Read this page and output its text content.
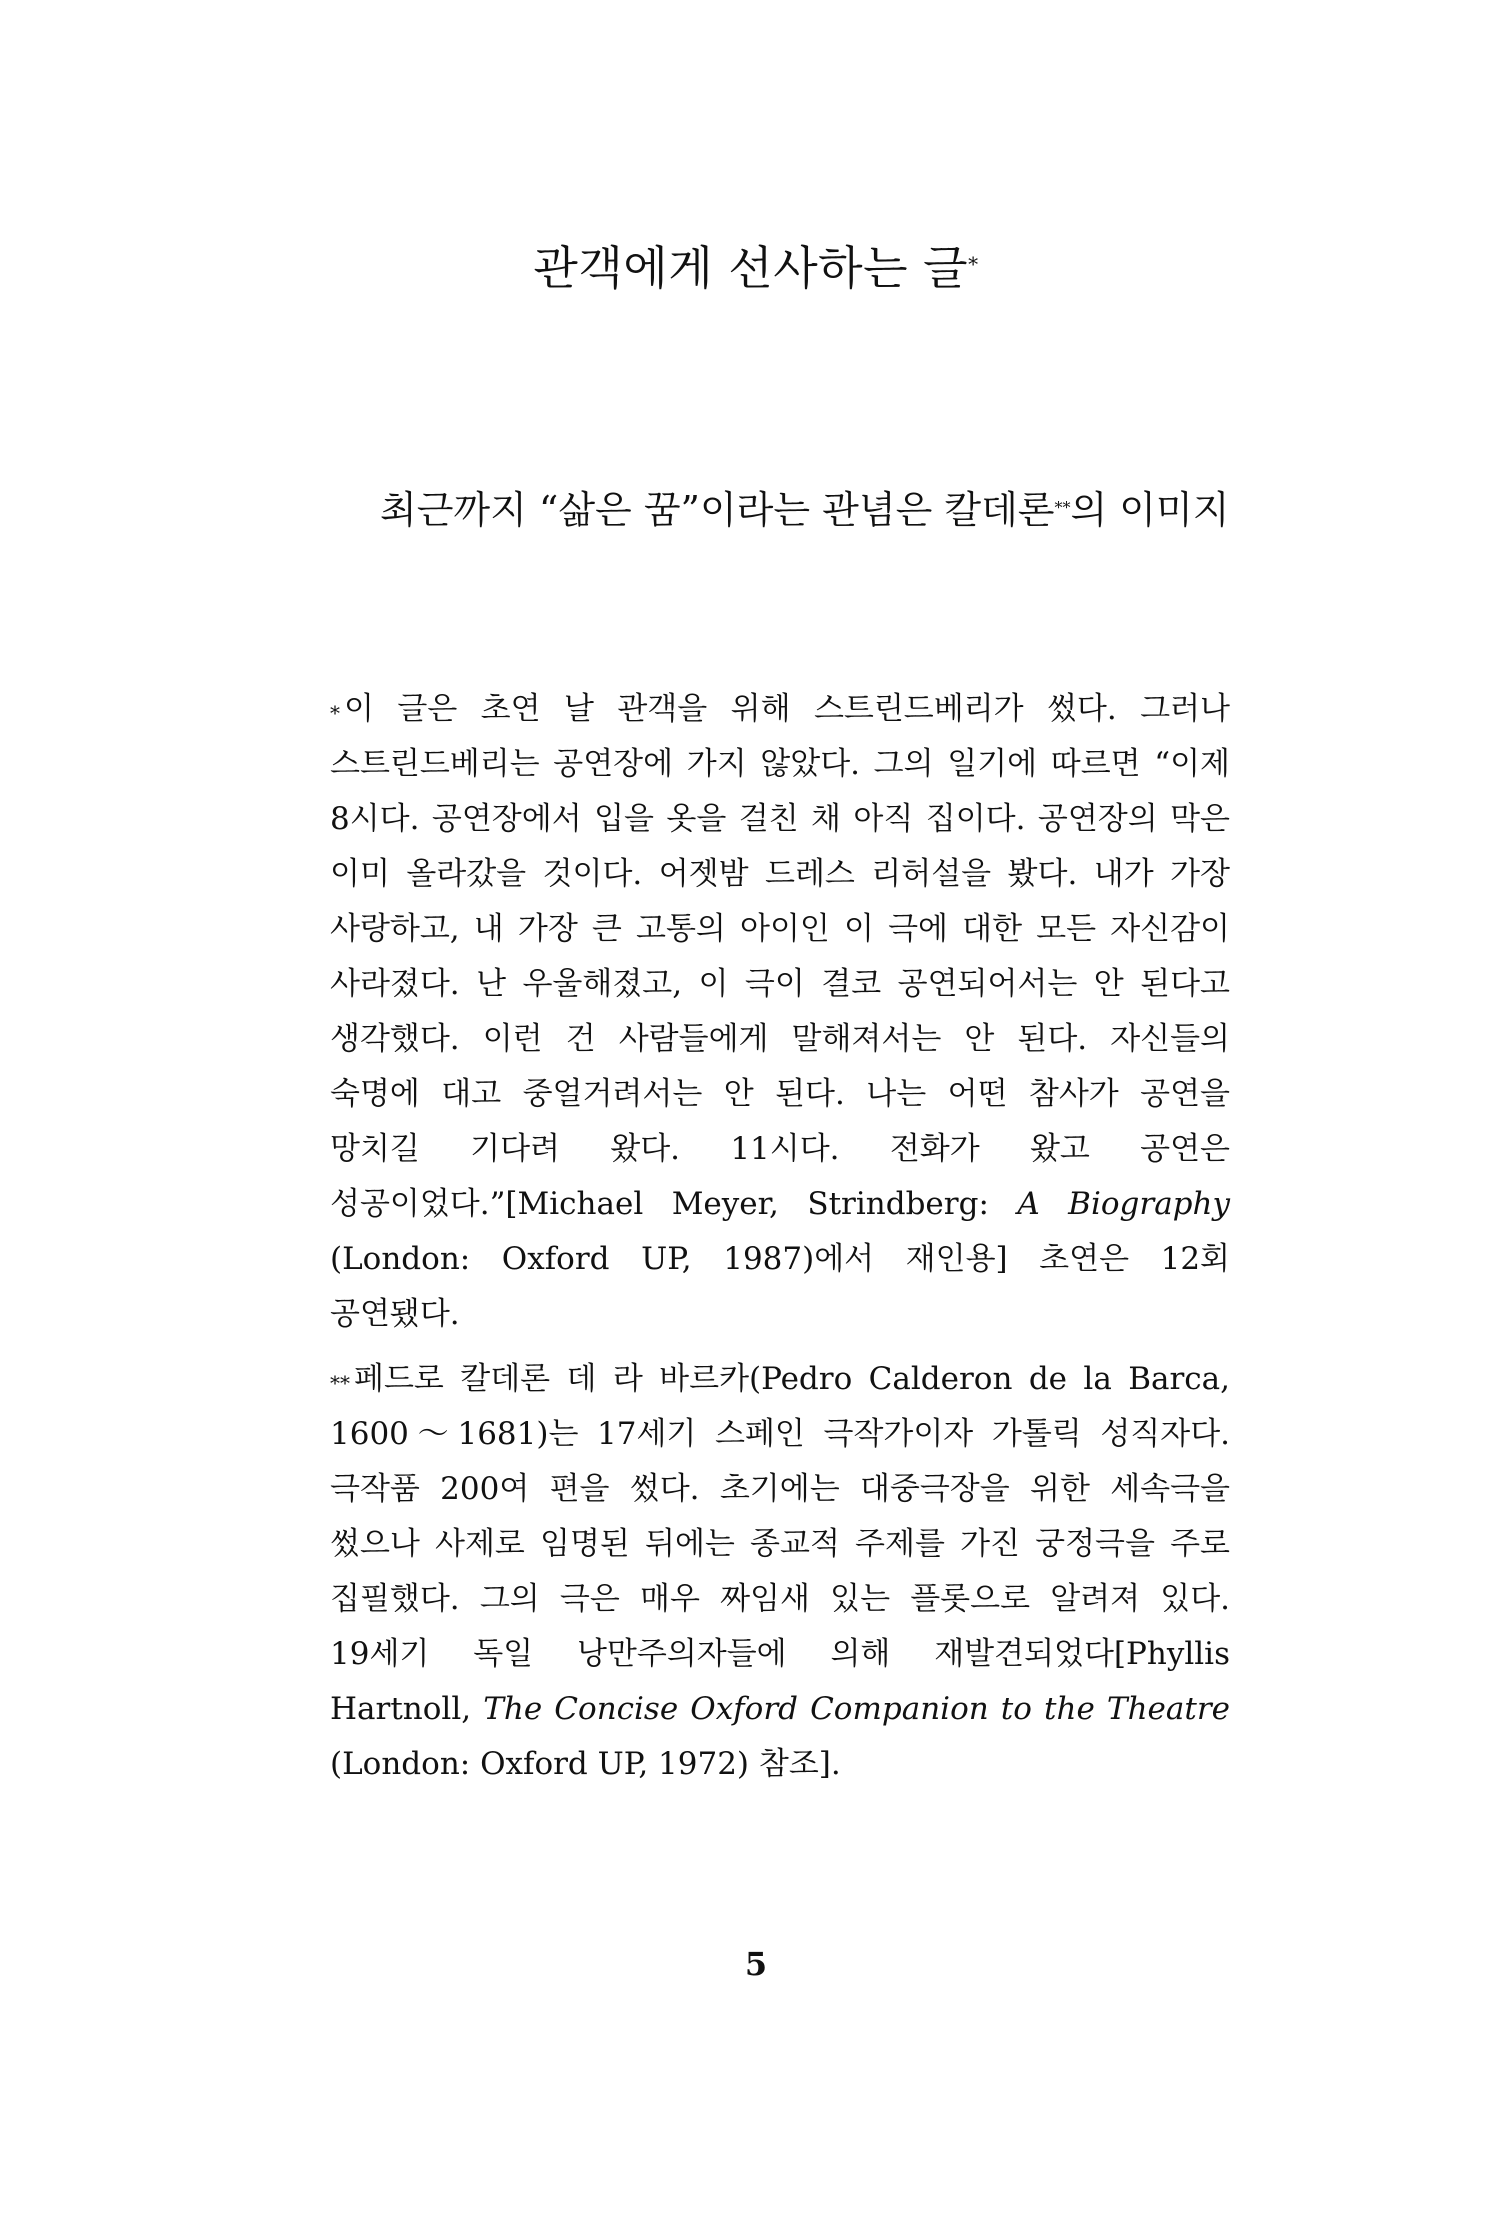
관객에게 선사하는 글*

최근까지 “삶은 꿈”이라는 관념은 칼데론**의 이미지

* 이 글은 초연 날 관객을 위해 스트린드베리가 썼다. 그러나 스트린드베리는 공연장에 가지 않았다. 그의 일기에 따르면 “이제 8시다. 공연장에서 입을 옷을 걸친 채 아직 집이다. 공연장의 막은 이미 올라갔을 것이다. 어젯밤 드레스 리허설을 봤다. 내가 가장 사랑하고, 내 가장 큰 고통의 아이인 이 극에 대한 모든 자신감이 사라졌다. 난 우울해졌고, 이 극이 결코 공연되어서는 안 된다고 생각했다. 이런 건 사람들에게 말해져서는 안 된다. 자신들의 숙명에 대고 중얼거려서는 안 된다. 나는 어떤 참사가 공연을 망치길 기다려 왔다. 11시다. 전화가 왔고 공연은 성공이었다.”[Michael Meyer, Strindberg: A Biography (London: Oxford UP, 1987)에서 재인용] 초연은 12회 공연됐다.

** 페드로 칼데론 데 라 바르카(Pedro Calderon de la Barca, 1600～1681)는 17세기 스페인 극작가이자 가톨릭 성직자다. 극작품 200여 편을 썼다. 초기에는 대중극장을 위한 세속극을 썼으나 사제로 임명된 뒤에는 종교적 주제를 가진 궁정극을 주로 집필했다. 그의 극은 매우 짜임새 있는 플롯으로 알려져 있다. 19세기 독일 낭만주의자들에 의해 재발견되었다[Phyllis Hartnoll, The Concise Oxford Companion to the Theatre (London: Oxford UP, 1972) 참조].

5
